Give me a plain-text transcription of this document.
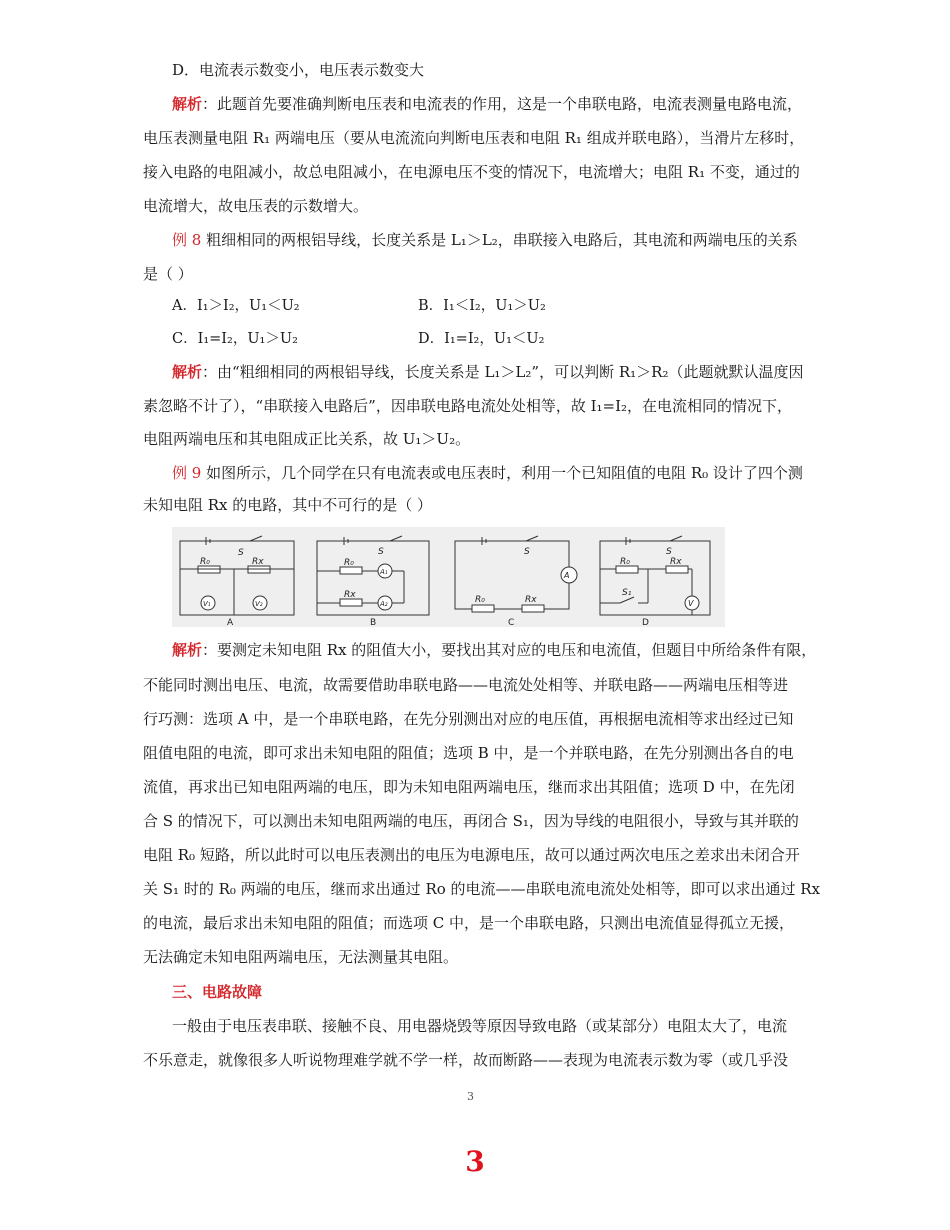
D．电流表示数变小，电压表示数变大
解析：此题首先要准确判断电压表和电流表的作用，这是一个串联电路，电流表测量电路电流，
电压表测量电阻 R₁ 两端电压（要从电流流向判断电压表和电阻 R₁ 组成并联电路），当滑片左移时，
接入电路的电阻减小，故总电阻减小，在电源电压不变的情况下，电流增大；电阻 R₁ 不变，通过的
电流增大，故电压表的示数增大。
例 8 粗细相同的两根铝导线，长度关系是 L₁＞L₂，串联接入电路后，其电流和两端电压的关系
是（ ）
A．I₁＞I₂，U₁＜U₂	B．I₁＜I₂，U₁＞U₂
C．I₁=I₂，U₁＞U₂	D．I₁=I₂，U₁＜U₂
解析：由“粗细相同的两根铝导线，长度关系是 L₁＞L₂”，可以判断 R₁＞R₂（此题就默认温度因
素忽略不计了），“串联接入电路后”，因串联电路电流处处相等，故 I₁=I₂，在电流相同的情况下，
电阻两端电压和其电阻成正比关系，故 U₁＞U₂。
例 9 如图所示，几个同学在只有电流表或电压表时，利用一个已知阻值的电阻 R₀ 设计了四个测
未知电阻 Rx 的电路，其中不可行的是（ ）
S
R₀	Rx
V₁	V₂
A
S
R₀
Rx
A₁
A₂
B
S
A
R₀	Rx
C
S
R₀	Rx
S₁
V
D
解析：要测定未知电阻 Rx 的阻值大小，要找出其对应的电压和电流值，但题目中所给条件有限，
不能同时测出电压、电流，故需要借助串联电路——电流处处相等、并联电路——两端电压相等进
行巧测：选项 A 中，是一个串联电路，在先分别测出对应的电压值，再根据电流相等求出经过已知
阻值电阻的电流，即可求出未知电阻的阻值；选项 B 中，是一个并联电路，在先分别测出各自的电
流值，再求出已知电阻两端的电压，即为未知电阻两端电压，继而求出其阻值；选项 D 中，在先闭
合 S 的情况下，可以测出未知电阻两端的电压，再闭合 S₁，因为导线的电阻很小，导致与其并联的
电阻 R₀ 短路，所以此时可以电压表测出的电压为电源电压，故可以通过两次电压之差求出未闭合开
关 S₁ 时的 R₀ 两端的电压，继而求出通过 Ro 的电流——串联电流电流处处相等，即可以求出通过 Rx
的电流，最后求出未知电阻的阻值；而选项 C 中，是一个串联电路，只测出电流值显得孤立无援，
无法确定未知电阻两端电压，无法测量其电阻。
三、电路故障
一般由于电压表串联、接触不良、用电器烧毁等原因导致电路（或某部分）电阻太大了，电流
不乐意走，就像很多人听说物理难学就不学一样，故而断路——表现为电流表示数为零（或几乎没
3
3
